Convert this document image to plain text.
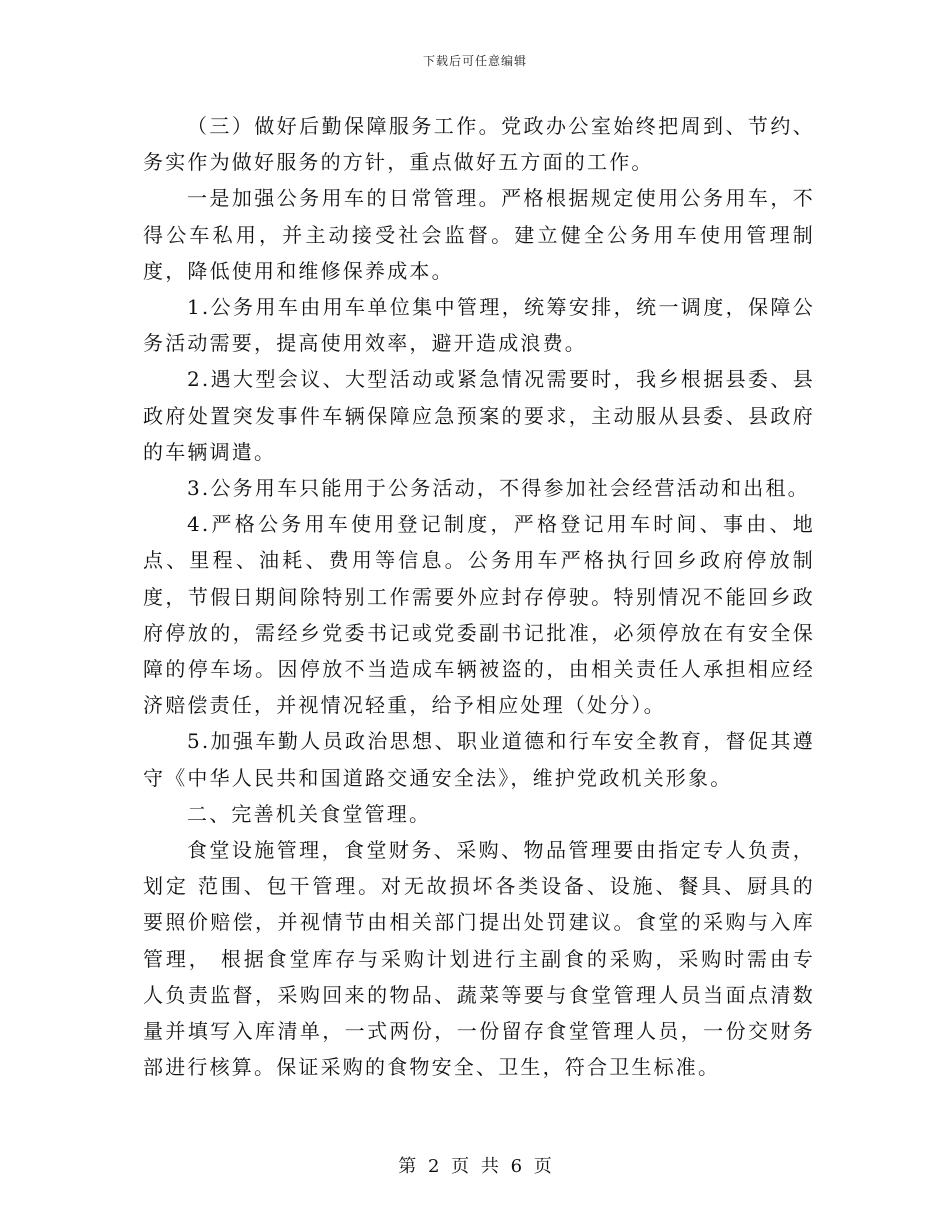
下载后可任意编辑

（三）做好后勤保障服务工作。党政办公室始终把周到、节约、务实作为做好服务的方针，重点做好五方面的工作。

一是加强公务用车的日常管理。严格根据规定使用公务用车，不得公车私用，并主动接受社会监督。建立健全公务用车使用管理制度，降低使用和维修保养成本。

1.公务用车由用车单位集中管理，统筹安排，统一调度，保障公务活动需要，提高使用效率，避开造成浪费。

2.遇大型会议、大型活动或紧急情况需要时，我乡根据县委、县政府处置突发事件车辆保障应急预案的要求，主动服从县委、县政府的车辆调遣。

3.公务用车只能用于公务活动，不得参加社会经营活动和出租。

4.严格公务用车使用登记制度，严格登记用车时间、事由、地点、里程、油耗、费用等信息。公务用车严格执行回乡政府停放制度，节假日期间除特别工作需要外应封存停驶。特别情况不能回乡政府停放的，需经乡党委书记或党委副书记批准，必须停放在有安全保障的停车场。因停放不当造成车辆被盗的，由相关责任人承担相应经济赔偿责任，并视情况轻重，给予相应处理（处分）。

5.加强车勤人员政治思想、职业道德和行车安全教育，督促其遵守《中华人民共和国道路交通安全法》，维护党政机关形象。

二、完善机关食堂管理。

食堂设施管理，食堂财务、采购、物品管理要由指定专人负责，划定 范围、包干管理。对无故损坏各类设备、设施、餐具、厨具的要照价赔偿，并视情节由相关部门提出处罚建议。食堂的采购与入库管理， 根据食堂库存与采购计划进行主副食的采购，采购时需由专人负责监督，采购回来的物品、蔬菜等要与食堂管理人员当面点清数量并填写入库清单，一式两份，一份留存食堂管理人员，一份交财务部进行核算。保证采购的食物安全、卫生，符合卫生标准。

第 2 页 共 6 页
